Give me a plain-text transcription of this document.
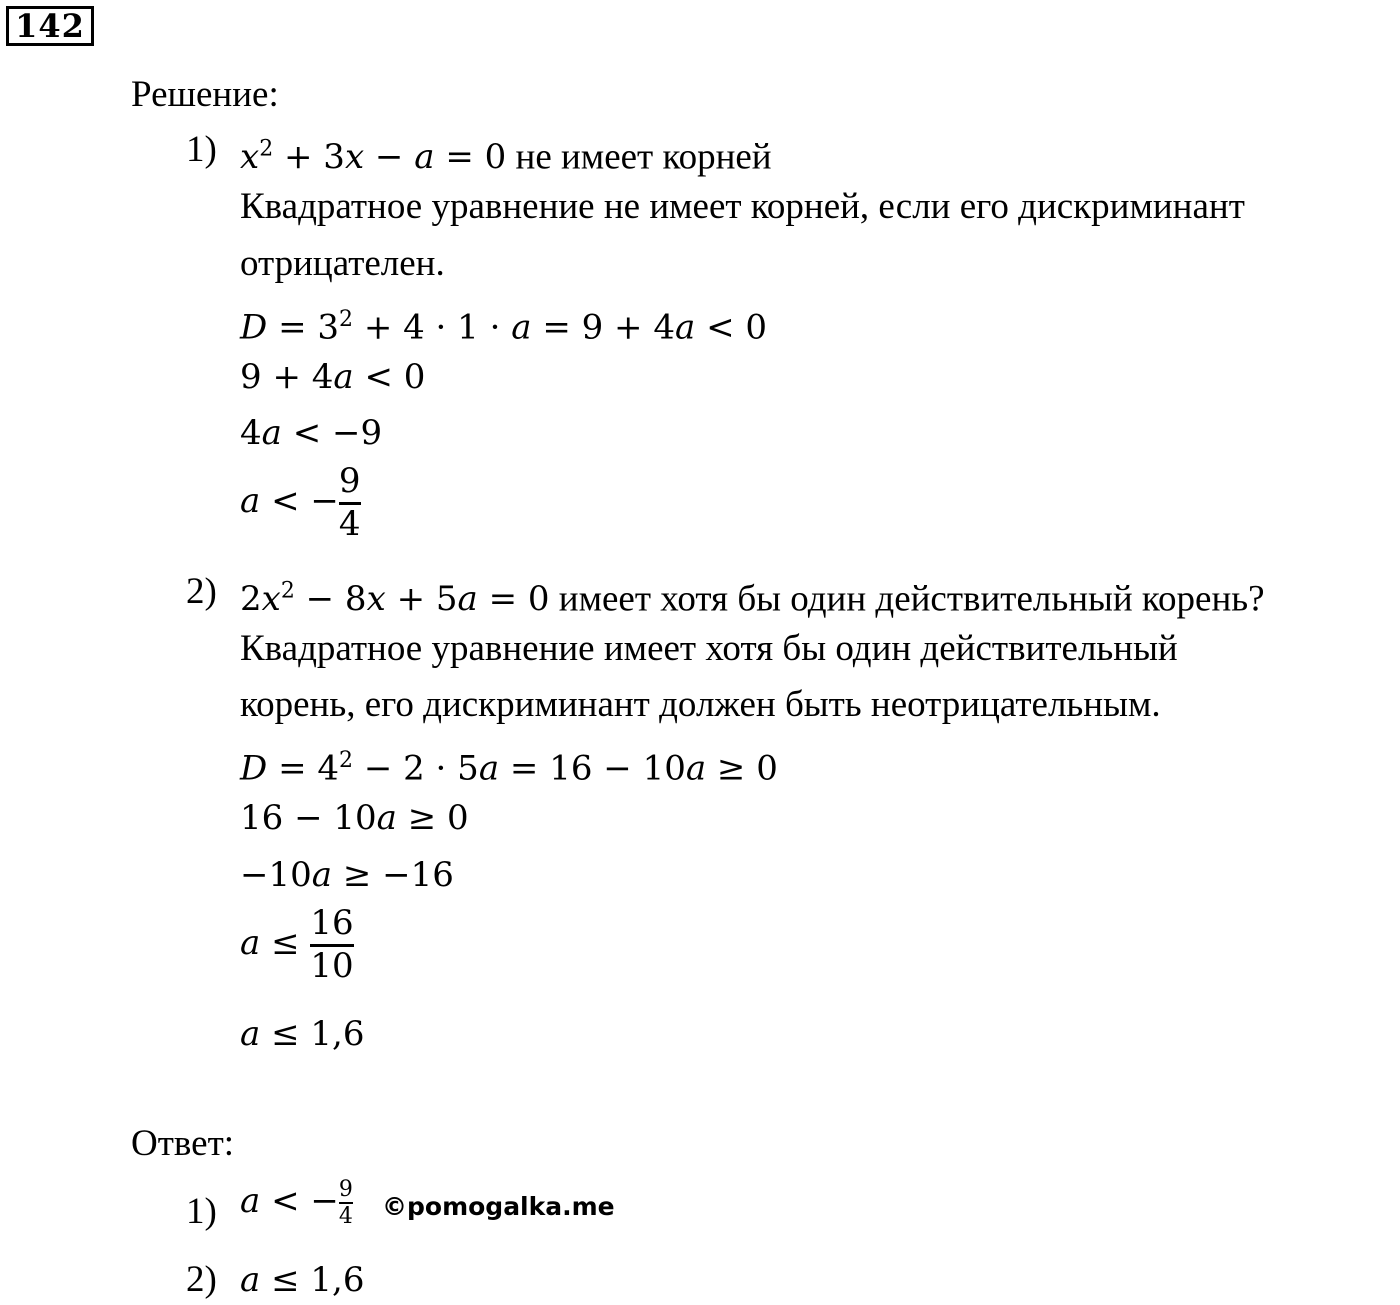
142
Решение:
1) $x^2 + 3x - a = 0$ не имеет корней
Квадратное уравнение не имеет корней, если его дискриминант
отрицателен.
$D = 3^2 + 4 \cdot 1 \cdot a = 9 + 4a < 0$
9 + 4a < 0
4a < −9
a < − $\frac{9}{4}$
2) $2x^2 - 8x + 5a = 0$ имеет хотя бы один действительный корень?
Квадратное уравнение имеет хотя бы один действительный
корень, его дискриминант должен быть неотрицательным.
$D = 4^2 - 2 \cdot 5a = 16 - 10a \ge 0$
16 − 10a ≥ 0
−10a ≥ −16
$a \le \frac{16}{10}$
a ≤ 1,6
Ответ:
1) a < − $\frac{9}{4}$ ©pomogalka.me
2) a ≤ 1,6
